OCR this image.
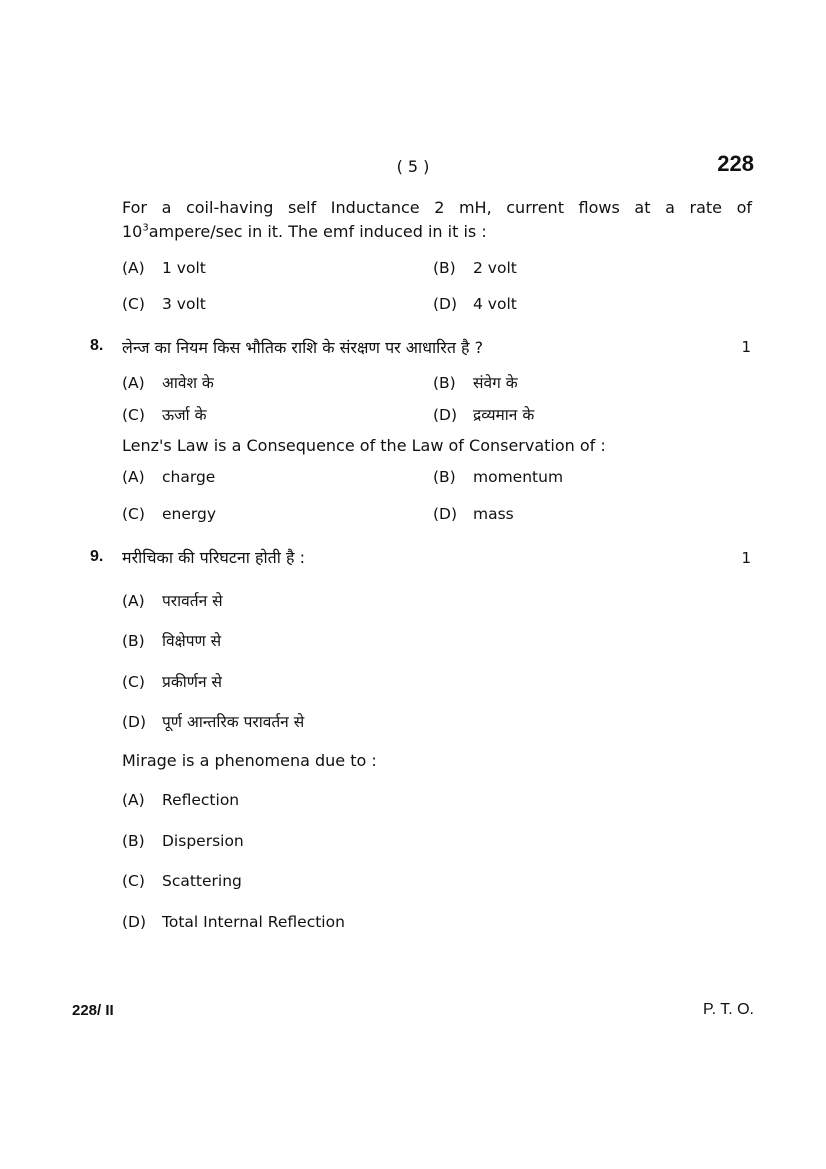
( 5 )	228
For a coil-having self Inductance 2 mH, current flows at a rate of
$10^3ampere/\sec$ in it. The emf induced in it is :
(A) 1 volt	(B) 2 volt
(C) 3 volt	(D) 4 volt
8. लेन्ज का नियम किस भौतिक राशि के संरक्षण पर आधारित है ?	1
(A) आवेश के	(B) संवेग के
(C) ऊर्जा के	(D) द्रव्यमान के
Lenz's Law is a Consequence of the Law of Conservation of :
(A) charge	(B) momentum
(C) energy	(D) mass
9. मरीचिका की परिघटना होती है :	1
(A) परावर्तन से
(B) विक्षेपण से
(C) प्रकीर्णन से
(D) पूर्ण आन्तरिक परावर्तन से
Mirage is a phenomena due to :
(A) Reflection
(B) Dispersion
(C) Scattering
(D) Total Internal Reflection
228/ II	P. T. O.
